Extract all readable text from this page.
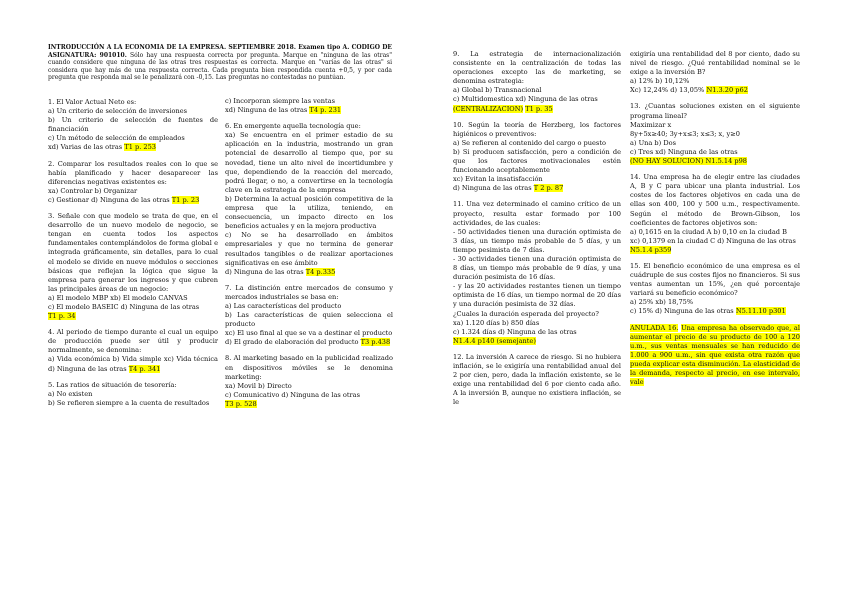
INTRODUCCIÓN A LA ECONOMIA DE LA EMPRESA. SEPTIEMBRE 2018. Examen tipo A. CODIGO DE ASIGNATURA: 901010. Sólo hay una respuesta correcta por pregunta. Marque en "ninguna de las otras" cuando considere que ninguna de las otras tres respuestas es correcta. Marque en "varias de las otras" si considera que hay más de una respuesta correcta. Cada pregunta bien respondida cuenta +0,5, y por cada pregunta que responda mal se le penalizará con -0,15. Las preguntas no contestadas no puntúan.

1. El Valor Actual Neto es:

a) Un criterio de selección de inversiones

b) Un criterio de selección de fuentes de financiación

c) Un método de selección de empleados

xd) Varias de las otras T1 p. 253

2. Comparar los resultados reales con lo que se había planificado y hacer desaparecer las diferencias negativas existentes es:

xa) Controlar b) Organizar

c) Gestionar d) Ninguna de las otras T1 p. 23

3. Señale con que modelo se trata de que, en el desarrollo de un nuevo modelo de negocio, se tengan en cuenta todos los aspectos fundamentales contemplándolos de forma global e integrada gráficamente, sin detalles, para lo cual el modelo se divide en nueve módulos o secciones básicas que reflejan la lógica que sigue la empresa para generar los ingresos y que cubren las principales áreas de un negocio:

a) El modelo MBP xb) El modelo CANVAS

c) El modelo BASEIC d) Ninguna de las otras

T1 p. 34

4. Al periodo de tiempo durante el cual un equipo de producción puede ser útil y producir normalmente, se denomina:

a) Vida económica b) Vida simple xc) Vida técnica d) Ninguna de las otras T4 p. 341

5. Las ratios de situación de tesorería:

a) No existen

b) Se refieren siempre a la cuenta de resultados

c) Incorporan siempre las ventas

xd) Ninguna de las otras T4 p. 231

6. En emergente aquella tecnología que:

xa) Se encuentra en el primer estadio de su aplicación en la industria, mostrando un gran potencial de desarrollo al tiempo que, por su novedad, tiene un alto nivel de incertidumbre y que, dependiendo de la reacción del mercado, podrá llegar, o no, a convertirse en la tecnología clave en la estrategia de la empresa

b) Determina la actual posición competitiva de la empresa que la utiliza, teniendo, en consecuencia, un impacto directo en los beneficios actuales y en la mejora productiva

c) No se ha desarrollado en ámbitos empresariales y que no termina de generar resultados tangibles o de realizar aportaciones significativas en ese ámbito

d) Ninguna de las otras T4 p.335

7. La distinción entre mercados de consumo y mercados industriales se basa en:

a) Las características del producto

b) Las características de quien selecciona el producto

xc) El uso final al que se va a destinar el producto

d) El grado de elaboración del producto T3 p.438

8. Al marketing basado en la publicidad realizado en dispositivos móviles se le denomina marketing:

xa) Movil b) Directo

c) Comunicativo d) Ninguna de las otras

T3 p. 528

9. La estrategia de internacionalización consistente en la centralización de todas las operaciones excepto las de marketing, se denomina estrategia:

a) Global b) Transnacional

c) Multidomestica xd) Ninguna de las otras

(CENTRALIZACION) T1 p. 35

10. Según la teoría de Herzberg, los factores higiénicos o preventivos:

a) Se refieren al contenido del cargo o puesto

b) Si producen satisfacción, pero a condición de que los factores motivacionales estén funcionando aceptablemente

xc) Evitan la insatisfacción

d) Ninguna de las otras T 2 p. 87

11. Una vez determinado el camino crítico de un proyecto, resulta estar formado por 100 actividades, de las cuales:

- 50 actividades tienen una duración optimista de 3 días, un tiempo más probable de 5 días, y un tiempo pesimista de 7 días.

- 30 actividades tienen una duración optimista de 8 días, un tiempo más probable de 9 días, y una duración pesimista de 16 días.

- y las 20 actividades restantes tienen un tiempo optimista de 16 días, un tiempo normal de 20 días y una duración pesimista de 32 días.

¿Cuales la duración esperada del proyecto?

xa) 1.120 días b) 850 días

c) 1.324 días d) Ninguna de las otras

N1.4.4 p140 (semejante)

12. La inversión A carece de riesgo. Si no hubiera inflación, se le exigiría una rentabilidad anual del 2 por cien, pero, dada la inflación existente, se le exige una rentabilidad del 6 por ciento cada año. A la inversión B, aunque no existiera inflación, se le

exigiría una rentabilidad del 8 por ciento, dado su nivel de riesgo. ¿Qué rentabilidad nominal se le exige a la inversión B?

a) 12% b) 10,12%

Xc) 12,24% d) 13,05% N1.3.20 p62

13. ¿Cuantas soluciones existen en el siguiente programa lineal?

Maximizar x

8y+5x≥40; 3y+x≤3; x≤3; x, y≥0

a) Una b) Dos

c) Tres xd) Ninguna de las otras

(NO HAY SOLUCION) N1.5.14 p98

14. Una empresa ha de elegir entre las ciudades A, B y C para ubicar una planta industrial. Los costes de los factores objetivos en cada una de ellas son 400, 100 y 500 u.m., respectivamente. Según el método de Brown-Gibson, los coeficientes de factores objetivos son:

a) 0,1615 en la ciudad A b) 0,10 en la ciudad B

xc) 0,1379 en la ciudad C d) Ninguna de las otras

N5.1.4 p359

15. El beneficio económico de una empresa es el cuádruple de sus costes fijos no financieros. Si sus ventas aumentan un 15%, ¿en qué porcentaje variará su beneficio económico?

a) 25% xb) 18,75%

c) 15% d) Ninguna de las otras N5.11.10 p301

ANULADA 16. Una empresa ha observado que, al aumentar el precio de su producto de 100 a 120 u.m., sus ventas mensuales se han reducido de 1.000 a 900 u.m., sin que exista otra razón que pueda explicar esta disminución. La elasticidad de la demanda, respecto al precio, en ese intervalo, vale
